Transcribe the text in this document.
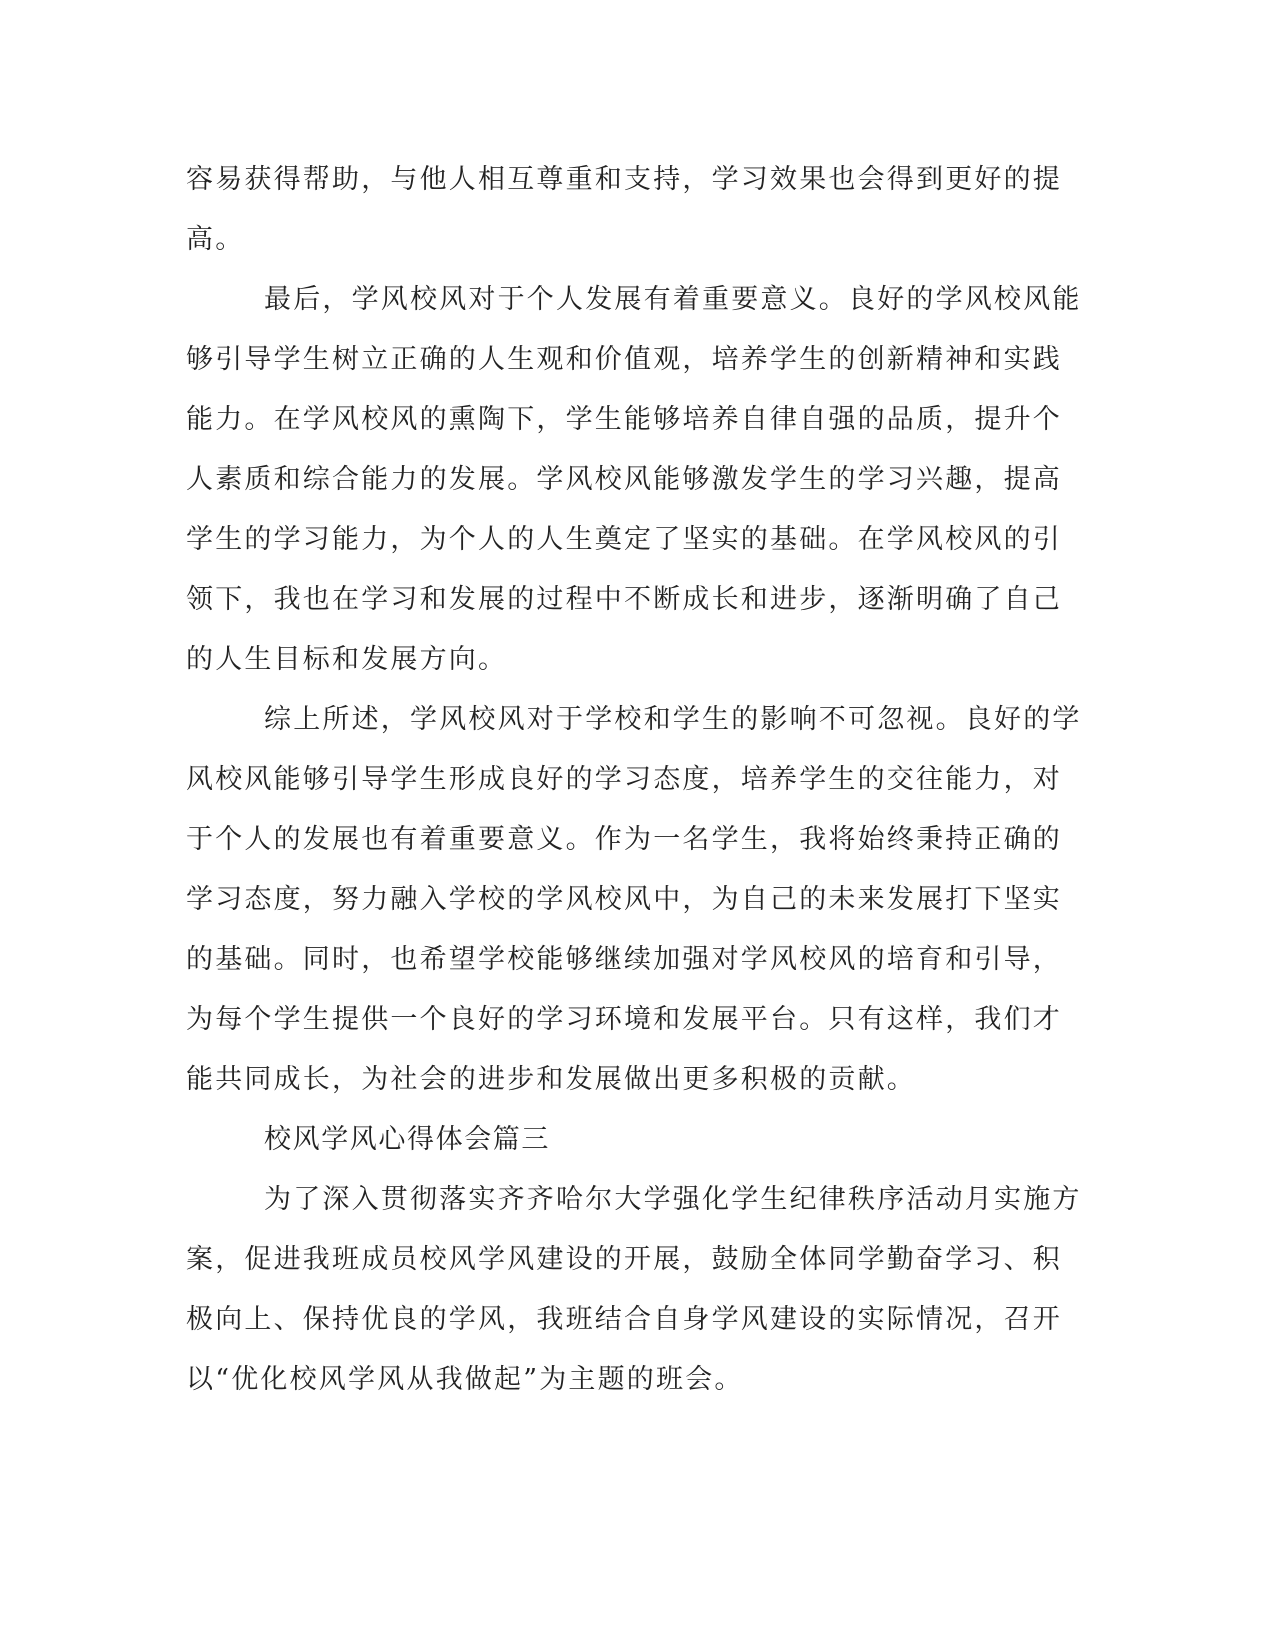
容易获得帮助，与他人相互尊重和支持，学习效果也会得到更好的提
高。
最后，学风校风对于个人发展有着重要意义。良好的学风校风能
够引导学生树立正确的人生观和价值观，培养学生的创新精神和实践
能力。在学风校风的熏陶下，学生能够培养自律自强的品质，提升个
人素质和综合能力的发展。学风校风能够激发学生的学习兴趣，提高
学生的学习能力，为个人的人生奠定了坚实的基础。在学风校风的引
领下，我也在学习和发展的过程中不断成长和进步，逐渐明确了自己
的人生目标和发展方向。
综上所述，学风校风对于学校和学生的影响不可忽视。良好的学
风校风能够引导学生形成良好的学习态度，培养学生的交往能力，对
于个人的发展也有着重要意义。作为一名学生，我将始终秉持正确的
学习态度，努力融入学校的学风校风中，为自己的未来发展打下坚实
的基础。同时，也希望学校能够继续加强对学风校风的培育和引导，
为每个学生提供一个良好的学习环境和发展平台。只有这样，我们才
能共同成长，为社会的进步和发展做出更多积极的贡献。
校风学风心得体会篇三
为了深入贯彻落实齐齐哈尔大学强化学生纪律秩序活动月实施方
案，促进我班成员校风学风建设的开展，鼓励全体同学勤奋学习、积
极向上、保持优良的学风，我班结合自身学风建设的实际情况，召开
以“优化校风学风从我做起”为主题的班会。
